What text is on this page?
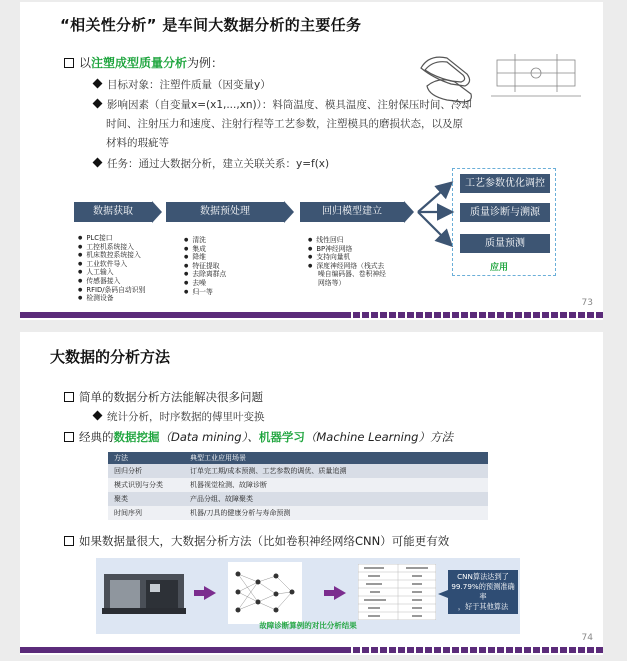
“相关性分析” 是车间大数据分析的主要任务
以注塑成型质量分析为例：
目标对象：注塑件质量（因变量y）
影响因素（自变量x=(x1,...,xn)）：料筒温度、模具温度、注射保压时间、冷却
时间、注射压力和速度、注射行程等工艺参数，注塑模具的磨损状态，以及原
材料的瑕疵等
任务：通过大数据分析，建立关联关系：y=f(x)
数据获取	数据预处理	回归模型建立
工艺参数优化调控
质量诊断与溯源
质量预测
应用
● PLC接口
● 工控机系统接入
● 机床数控系统接入
● 工业软件导入
● 人工输入
● 传感器接入
● RFID/条码自动识别
● 检测设备
● 清洗
● 集成
● 降维
● 特征提取
● 去除离群点
● 去噪
● 归一等
● 线性回归
● BP神经网络
● 支持向量机
● 深度神经网络（栈式去
噪自编码器、卷积神经
网络等）
73
大数据的分析方法
简单的数据分析方法能解决很多问题
统计分析，时序数据的傅里叶变换
经典的数据挖掘（Data mining）、机器学习（Machine Learning）方法
方法	典型工业应用场景
回归分析	订单完工期/成本预测、工艺参数的调优、质量追溯
模式识别与分类	机器视觉检测、故障诊断
聚类	产品分组、故障聚类
时间序列	机器/刀具的健康分析与寿命预测
如果数据量很大，大数据分析方法（比如卷积神经网络CNN）可能更有效
CNN算法达到了
99.79%的预测准确率
，好于其他算法
故障诊断算例的对比分析结果
74
